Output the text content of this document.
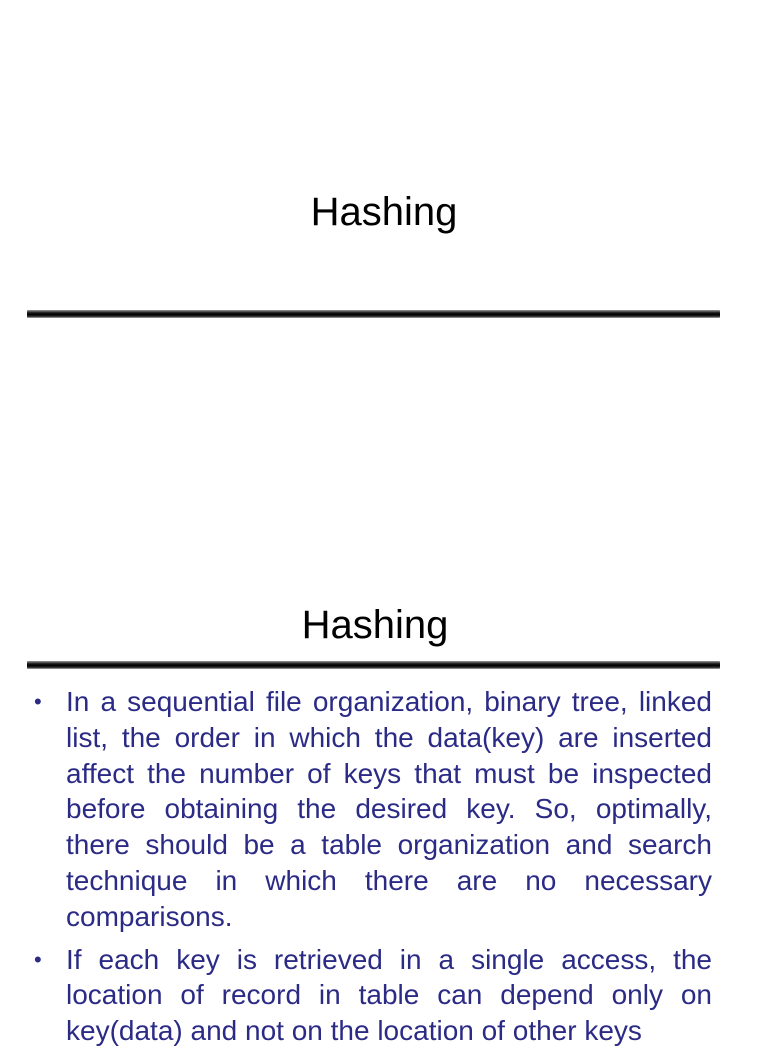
Hashing
Hashing
• In a sequential file organization, binary tree, linked list, the order in which the data(key) are inserted affect the number of keys that must be inspected before obtaining the desired key. So, optimally, there should be a table organization and search technique in which there are no necessary comparisons.
• If each key is retrieved in a single access, the location of record in table can depend only on key(data) and not on the location of other keys
